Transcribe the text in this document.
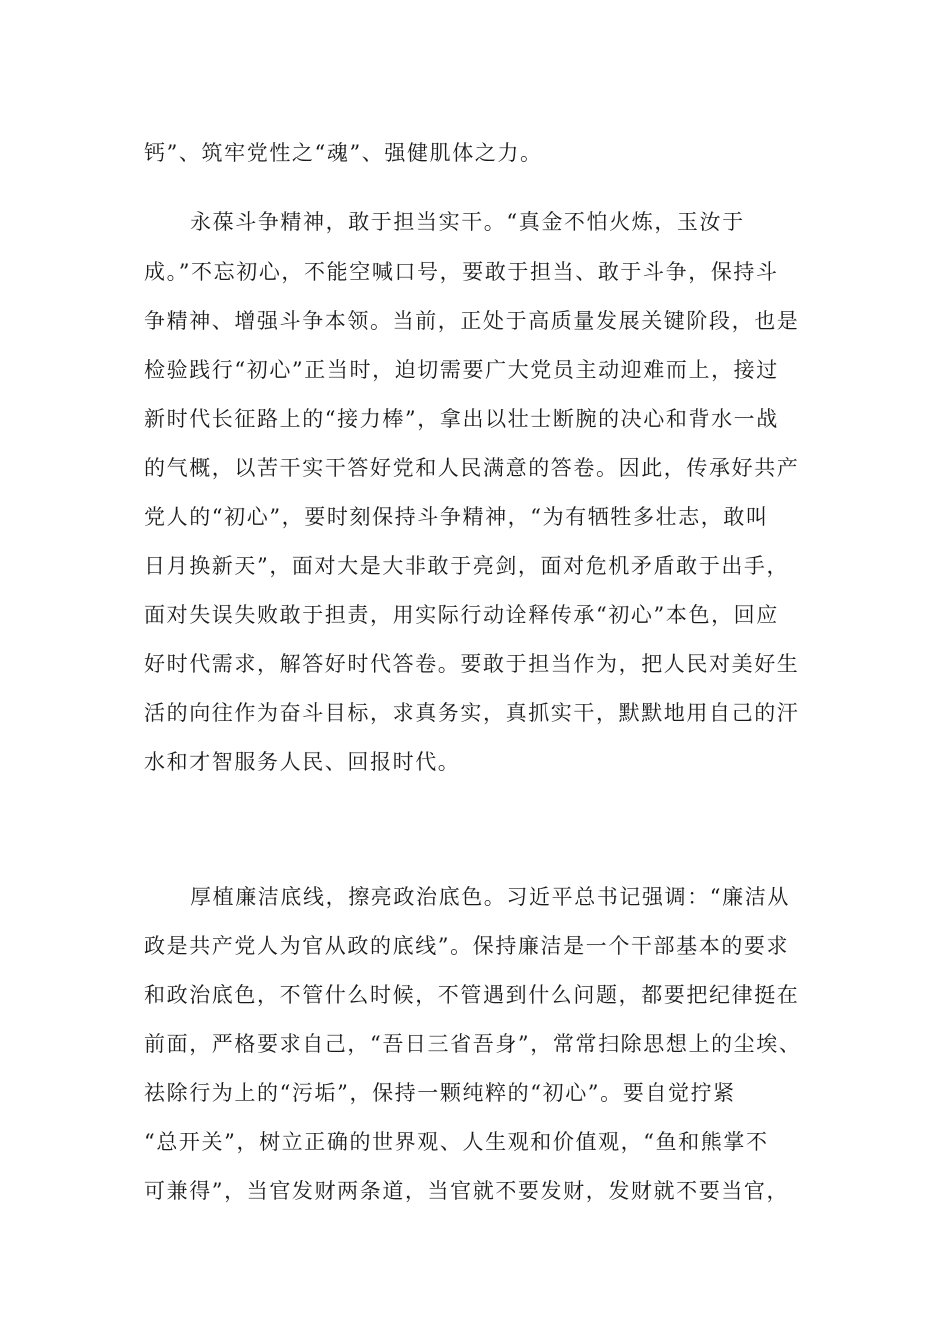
钙”、筑牢党性之“魂”、强健肌体之力。
永葆斗争精神，敢于担当实干。“真金不怕火炼，玉汝于
成。”不忘初心，不能空喊口号，要敢于担当、敢于斗争，保持斗
争精神、增强斗争本领。当前，正处于高质量发展关键阶段，也是
检验践行“初心”正当时，迫切需要广大党员主动迎难而上，接过
新时代长征路上的“接力棒”，拿出以壮士断腕的决心和背水一战
的气概，以苦干实干答好党和人民满意的答卷。因此，传承好共产
党人的“初心”，要时刻保持斗争精神，“为有牺牲多壮志，敢叫
日月换新天”，面对大是大非敢于亮剑，面对危机矛盾敢于出手，
面对失误失败敢于担责，用实际行动诠释传承“初心”本色，回应
好时代需求，解答好时代答卷。要敢于担当作为，把人民对美好生
活的向往作为奋斗目标，求真务实，真抓实干，默默地用自己的汗
水和才智服务人民、回报时代。
厚植廉洁底线，擦亮政治底色。习近平总书记强调：“廉洁从
政是共产党人为官从政的底线”。保持廉洁是一个干部基本的要求
和政治底色，不管什么时候，不管遇到什么问题，都要把纪律挺在
前面，严格要求自己，“吾日三省吾身”，常常扫除思想上的尘埃、
祛除行为上的“污垢”，保持一颗纯粹的“初心”。要自觉拧紧
“总开关”，树立正确的世界观、人生观和价值观，“鱼和熊掌不
可兼得”，当官发财两条道，当官就不要发财，发财就不要当官，
